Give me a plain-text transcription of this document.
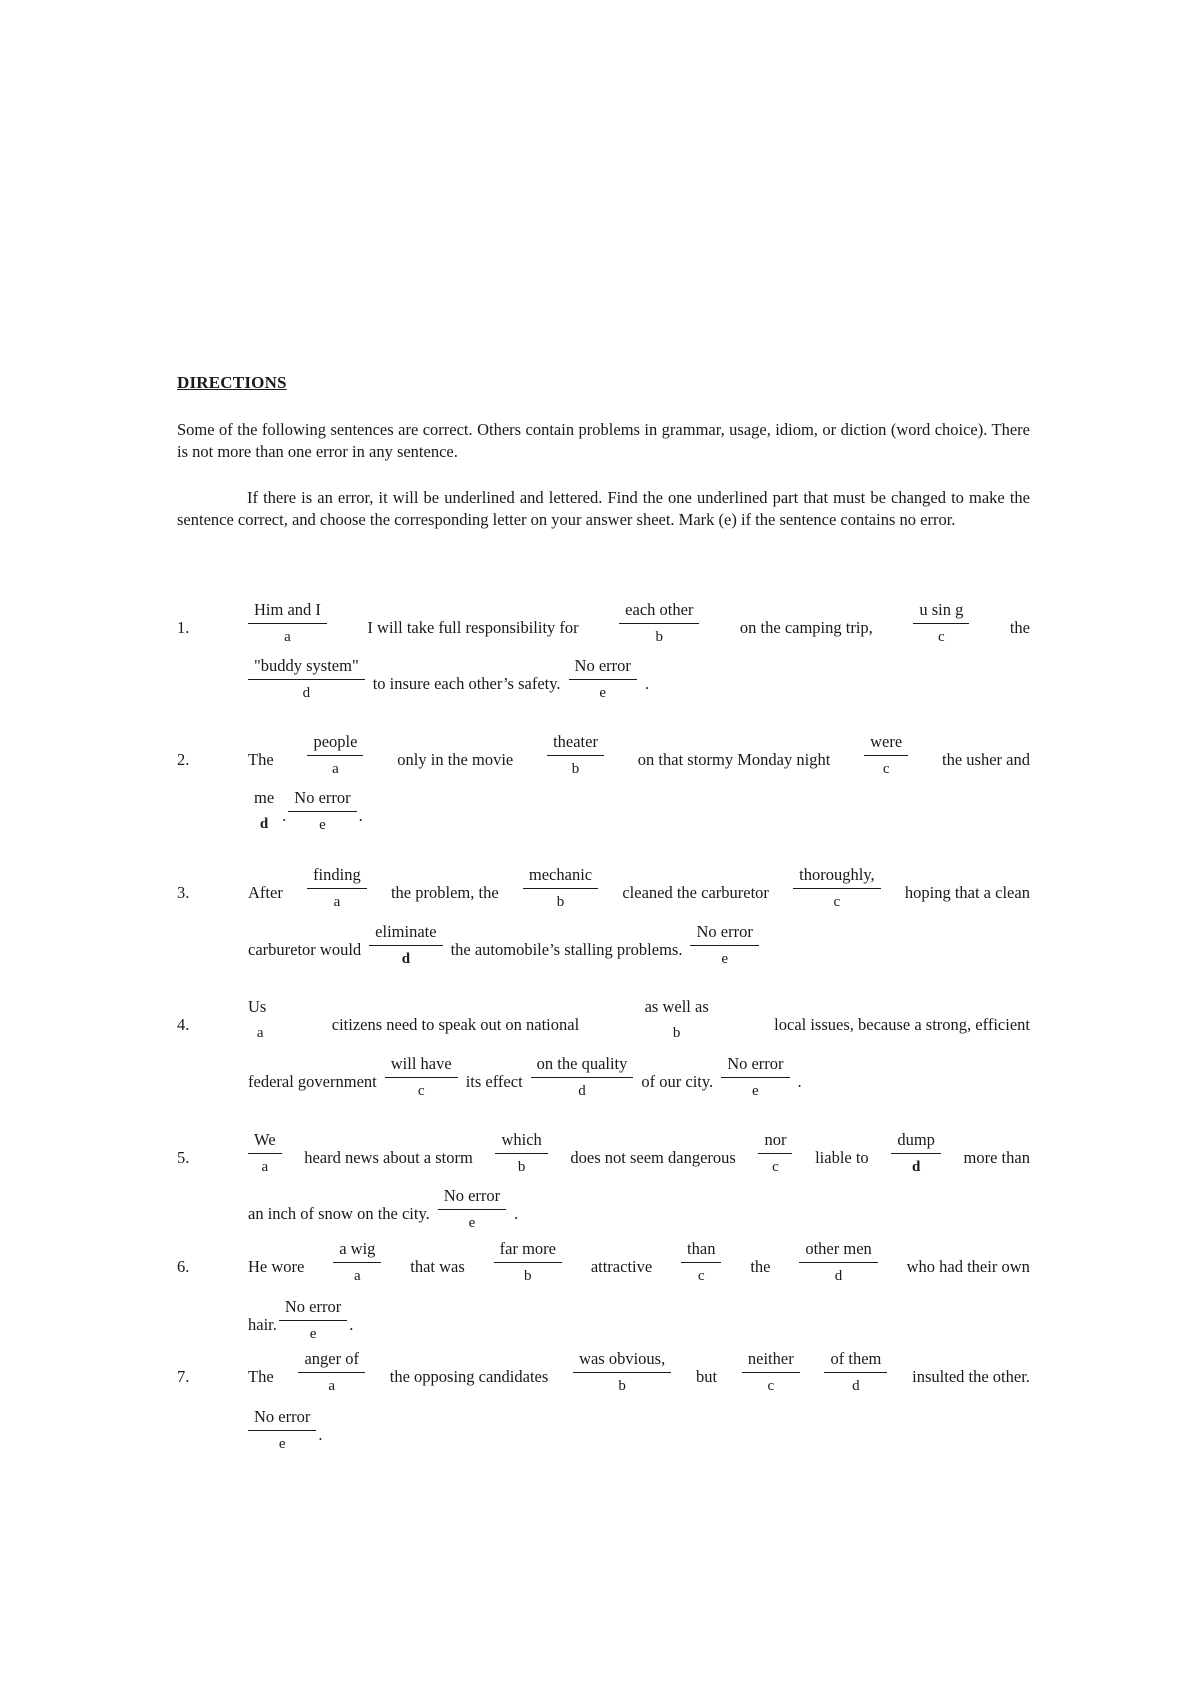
DIRECTIONS
Some of the following sentences are correct. Others contain problems in grammar, usage, idiom, or diction (word choice). There is not more than one error in any sentence.
If there is an error, it will be underlined and lettered. Find the one underlined part that must be changed to make the sentence correct, and choose the corresponding letter on your answer sheet. Mark (e) if the sentence contains no error.
1.
Him and I
a	I will take full responsibility for
each other
b	on the camping trip,
u sin g
c	the
"buddy system"
d	to insure each other’s safety.
No error
e .
2.	The
people
a	only in the movie
theater
b	on that stormy Monday night
were
c	the usher and
me
d .
No error
e .
3.	After
finding
a	the problem, the
mechanic
b	cleaned the carburetor
thoroughly,
c	hoping that a clean
carburetor would
eliminate
d the automobile’s stalling problems.
No error
e
4.
Us
a	citizens need to speak out on national
as well as
b	local issues, because a strong, efficient
federal government
will have
c its effect
on the quality
d	of our city.
No error
e .
5.
We
a heard news about a storm
which
b	does not seem dangerous
nor
c liable to
dump
d	more than
an inch of snow on the city.
No error
e .
6.	He wore
a wig
a	that was
far more
b	attractive
than
c	the
other men
d	who had their own
hair.
No error
e .
7.	The
anger of
a	the opposing candidates
was obvious,
b	but
neither
c
of them
d	insulted the other.
No error
e .
